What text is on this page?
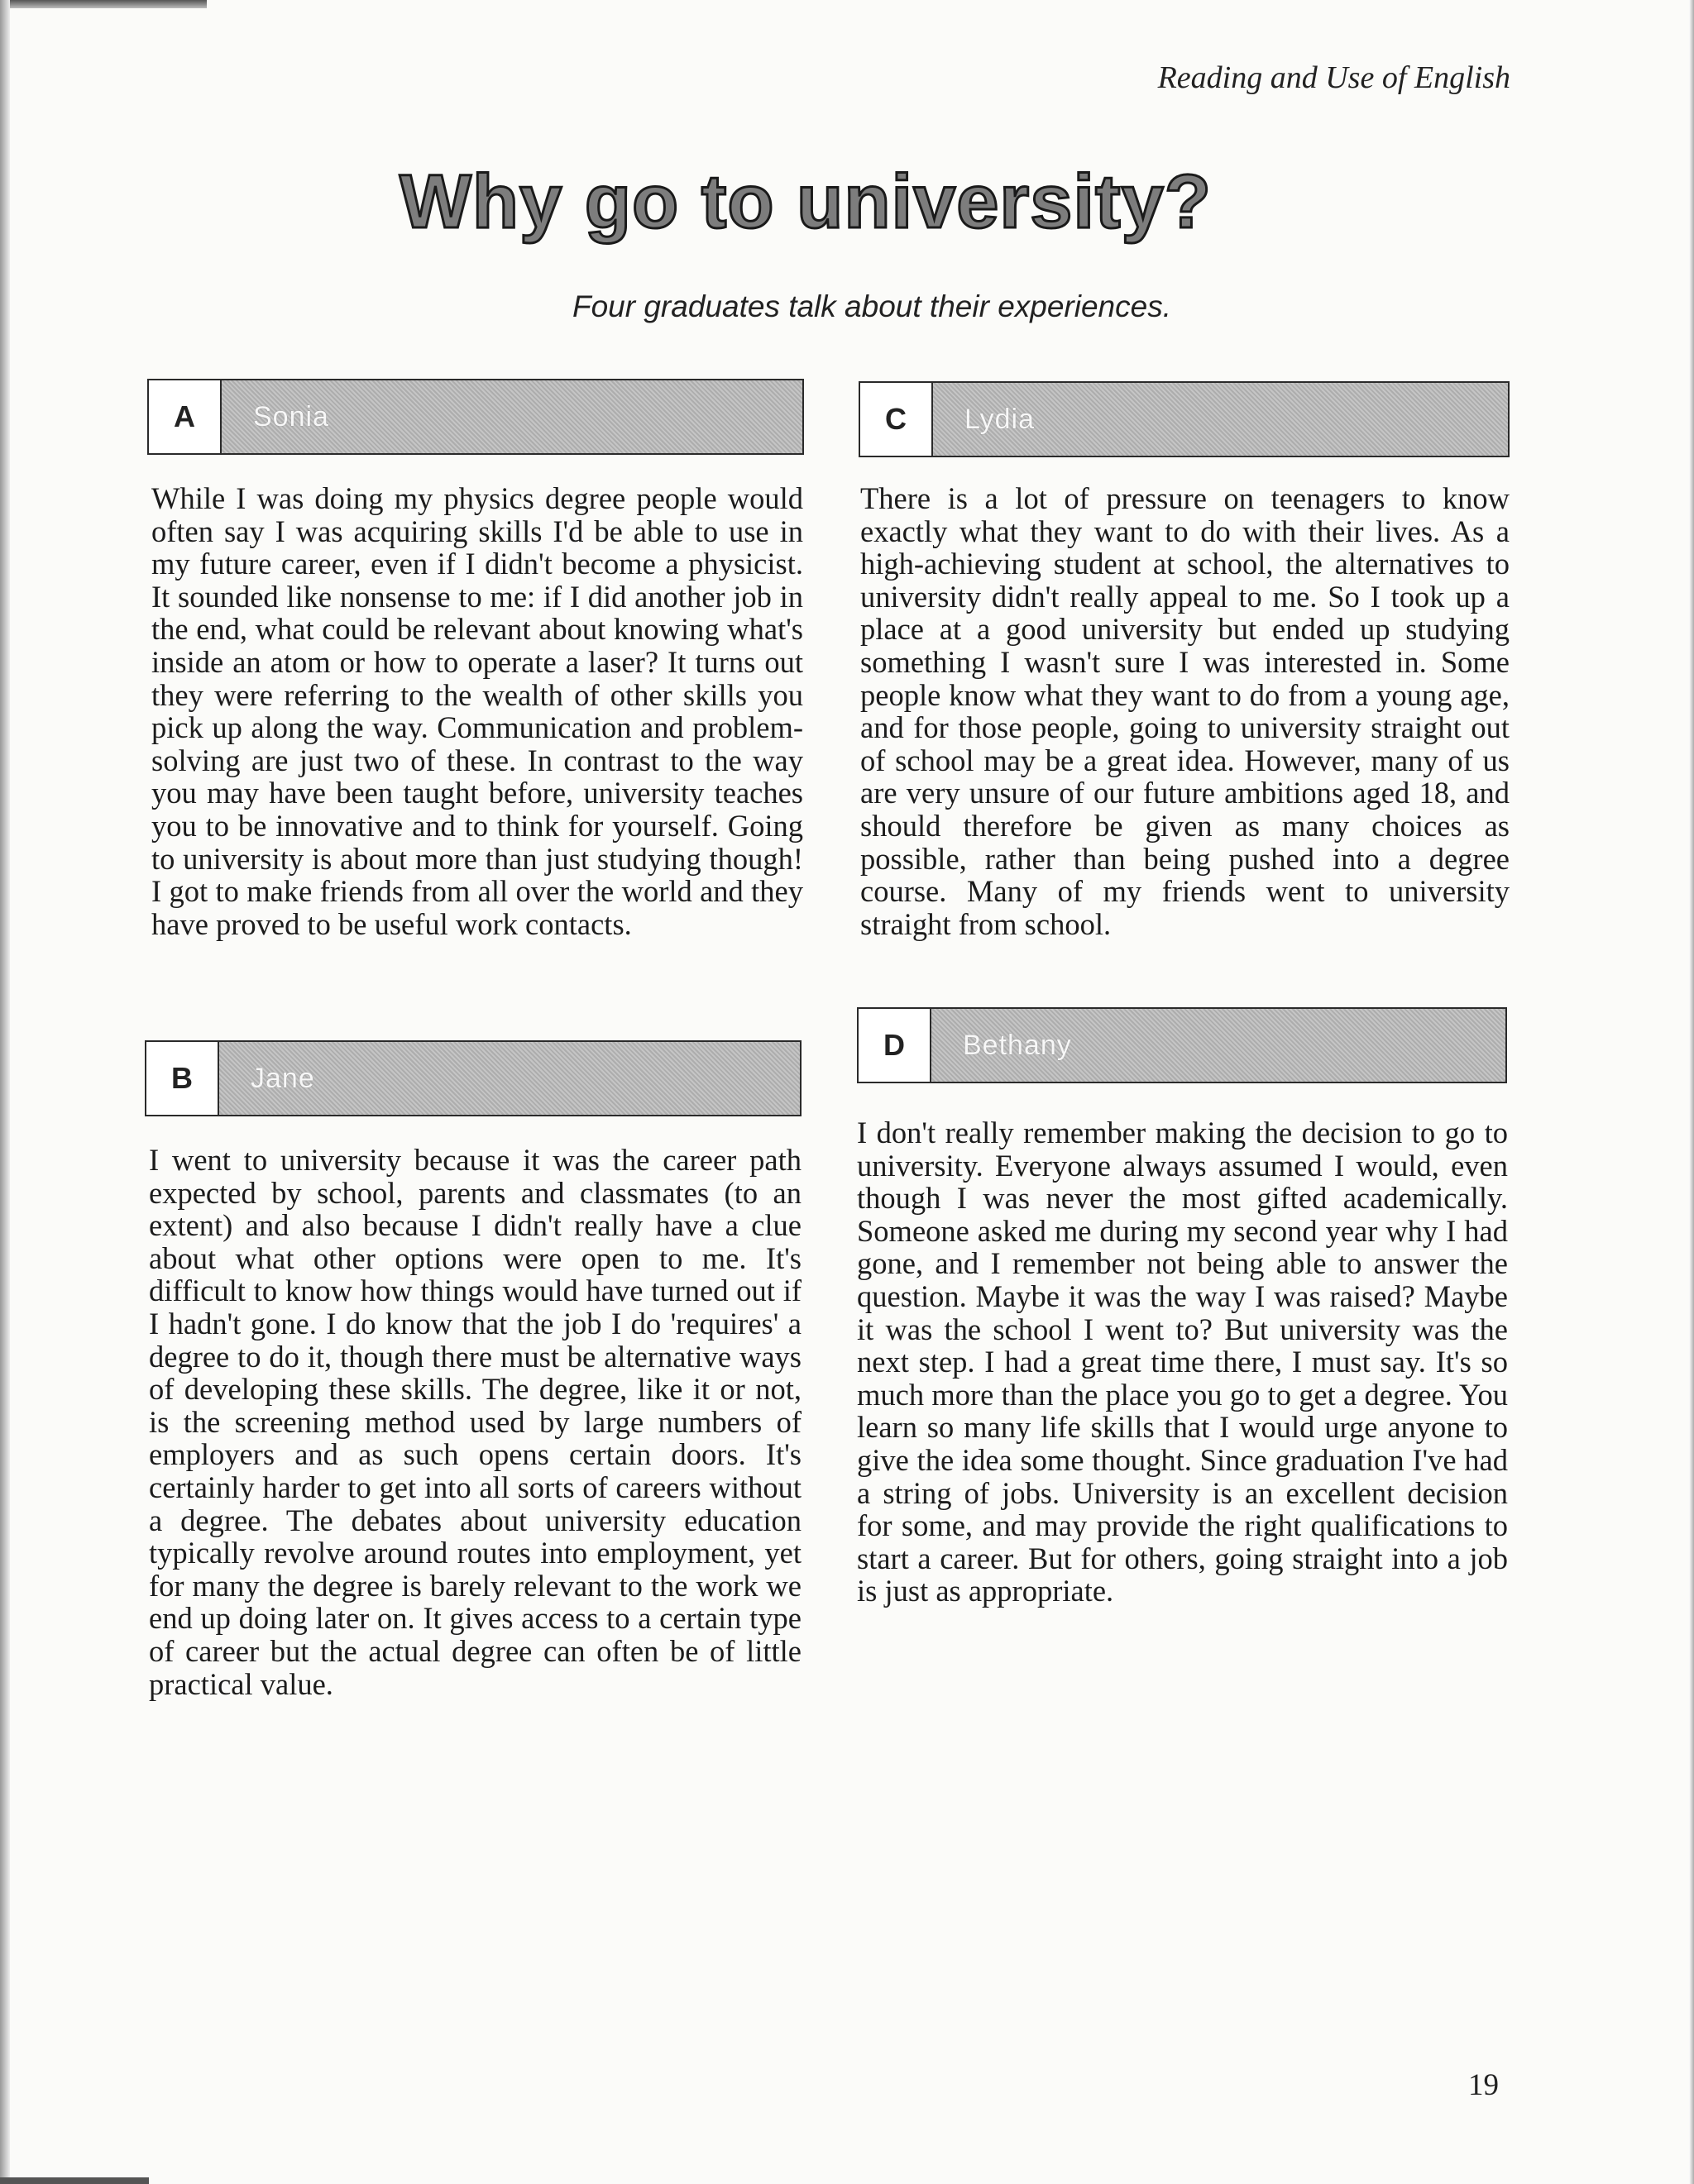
Reading and Use of English
Why go to university?
Four graduates talk about their experiences.
A	Sonia

While I was doing my physics degree people would often say I was acquiring skills I'd be able to use in my future career, even if I didn't become a physicist. It sounded like nonsense to me: if I did another job in the end, what could be relevant about knowing what's inside an atom or how to operate a laser? It turns out they were referring to the wealth of other skills you pick up along the way. Communication and problem-solving are just two of these. In contrast to the way you may have been taught before, university teaches you to be innovative and to think for yourself. Going to university is about more than just studying though! I got to make friends from all over the world and they have proved to be useful work contacts.

B	Jane

I went to university because it was the career path expected by school, parents and classmates (to an extent) and also because I didn't really have a clue about what other options were open to me. It's difficult to know how things would have turned out if I hadn't gone. I do know that the job I do 'requires' a degree to do it, though there must be alternative ways of developing these skills. The degree, like it or not, is the screening method used by large numbers of employers and as such opens certain doors. It's certainly harder to get into all sorts of careers without a degree. The debates about university education typically revolve around routes into employment, yet for many the degree is barely relevant to the work we end up doing later on. It gives access to a certain type of career but the actual degree can often be of little practical value.

C	Lydia

There is a lot of pressure on teenagers to know exactly what they want to do with their lives. As a high-achieving student at school, the alternatives to university didn't really appeal to me. So I took up a place at a good university but ended up studying something I wasn't sure I was interested in. Some people know what they want to do from a young age, and for those people, going to university straight out of school may be a great idea. However, many of us are very unsure of our future ambitions aged 18, and should therefore be given as many choices as possible, rather than being pushed into a degree course. Many of my friends went to university straight from school.

D	Bethany

I don't really remember making the decision to go to university. Everyone always assumed I would, even though I was never the most gifted academically. Someone asked me during my second year why I had gone, and I remember not being able to answer the question. Maybe it was the way I was raised? Maybe it was the school I went to? But university was the next step. I had a great time there, I must say. It's so much more than the place you go to get a degree. You learn so many life skills that I would urge anyone to give the idea some thought. Since graduation I've had a string of jobs. University is an excellent decision for some, and may provide the right qualifications to start a career. But for others, going straight into a job is just as appropriate.

19
